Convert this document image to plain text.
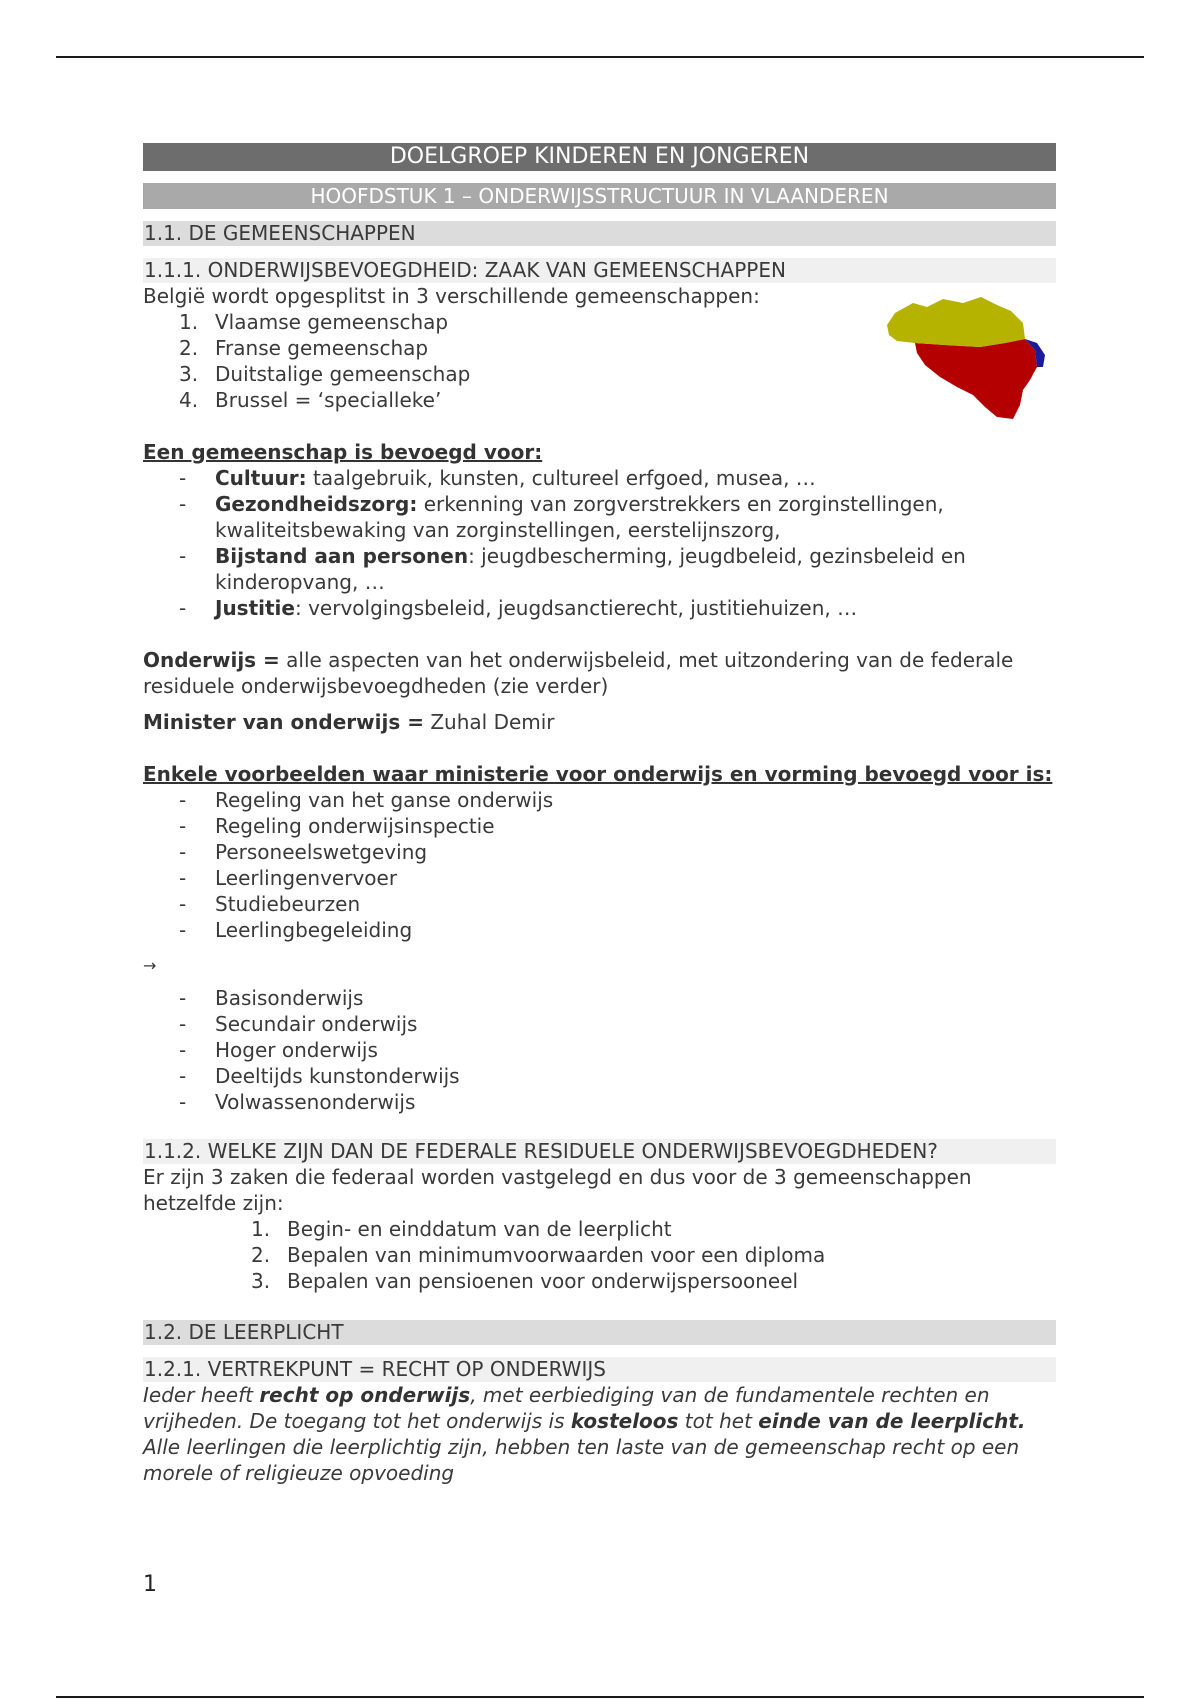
DOELGROEP KINDEREN EN JONGEREN
HOOFDSTUK 1 – ONDERWIJSSTRUCTUUR IN VLAANDEREN
1.1. DE GEMEENSCHAPPEN
1.1.1. ONDERWIJSBEVOEGDHEID: ZAAK VAN GEMEENSCHAPPEN

België wordt opgesplitst in 3 verschillende gemeenschappen:

1. Vlaamse gemeenschap
2. Franse gemeenschap
3. Duitstalige gemeenschap
4. Brussel = ‘specialleke’
Een gemeenschap is bevoegd voor:
- Cultuur: taalgebruik, kunsten, cultureel erfgoed, musea, …
- Gezondheidszorg: erkenning van zorgverstrekkers en zorginstellingen, kwaliteitsbewaking van zorginstellingen, eerstelijnszorg,
- Bijstand aan personen: jeugdbescherming, jeugdbeleid, gezinsbeleid en kinderopvang, …
- Justitie: vervolgingsbeleid, jeugdsanctierecht, justitiehuizen, …

Onderwijs = alle aspecten van het onderwijsbeleid, met uitzondering van de federale residuele onderwijsbevoegdheden (zie verder)

Minister van onderwijs = Zuhal Demir

Enkele voorbeelden waar ministerie voor onderwijs en vorming bevoegd voor is:
- Regeling van het ganse onderwijs
- Regeling onderwijsinspectie
- Personeelswetgeving
- Leerlingenvervoer
- Studiebeurzen
- Leerlingbegeleiding

→

- Basisonderwijs
- Secundair onderwijs
- Hoger onderwijs
- Deeltijds kunstonderwijs
- Volwassenonderwijs
1.1.2. WELKE ZIJN DAN DE FEDERALE RESIDUELE ONDERWIJSBEVOEGDHEDEN?

Er zijn 3 zaken die federaal worden vastgelegd en dus voor de 3 gemeenschappen hetzelfde zijn:

1. Begin- en einddatum van de leerplicht
2. Bepalen van minimumvoorwaarden voor een diploma
3. Bepalen van pensioenen voor onderwijspersooneel
1.2. DE LEERPLICHT
1.2.1. VERTREKPUNT = RECHT OP ONDERWIJS

Ieder heeft recht op onderwijs, met eerbiediging van de fundamentele rechten en vrijheden. De toegang tot het onderwijs is kosteloos tot het einde van de leerplicht. Alle leerlingen die leerplichtig zijn, hebben ten laste van de gemeenschap recht op een morele of religieuze opvoeding

1
